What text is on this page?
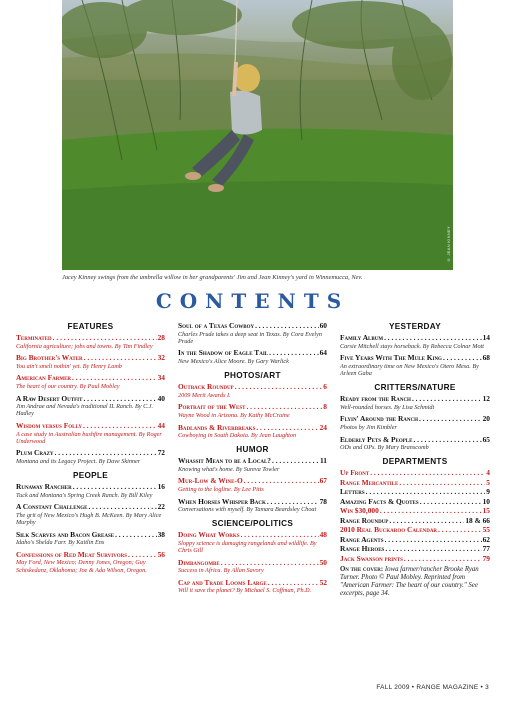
© JEAN KINNEY
Jacey Kinney swings from the umbrella willow in her grandparents' Jim and Jean Kinney's yard in Winnemucca, Nev.
CONTENTS
FEATURES
Terminated . . .	28
California agriculture; jobs and towns. By Tim Findley
Big Brother's Water . . .	32
You ain't smelt nothin' yet. By Henry Lamb
American Farmer . . .	34
The heart of our country. By Paul Mobley
A Raw Desert Outfit . . .	40
Jim Andrae and Nevada's traditional IL Ranch. By C.J. Hadley
Wisdom versus Folly . . .	44
A case study in Australian bushfire management. By Roger Underwood
Plum Crazy . . .	72
Montana and its Legacy Project. By Dave Skinner
PEOPLE
Runaway Rancher . . .	16
Tuck and Montana's Spring Creek Ranch. By Bill Kiley
A Constant Challenge . . .	22
The grit of New Mexico's Hugh B. McKeen. By Mary Alice Murphy
Silk Scarves and Bacon Grease . . .	38
Idaho's Shelda Farr. By Kaitlin Ens
Confessions of Red Meat Survivors . . .	56
May Ford, New Mexico; Denny Jones, Oregon; Guy Schiskedanz, Oklahoma; Joe & Ada Wilson, Oregon.
Soul of a Texas Cowboy . . .	60
Charles Prude takes a deep seat in Texas. By Cora Evelyn Prude
In the Shadow of Eagle Tail . . .	64
New Mexico's Alice Moore. By Gary Warlick
PHOTOS/ART
Outback Roundup . . .	6
2009 Merit Awards I.
Portrait of the West . . .	8
Wayne Wood in Arizona. By Kathy McCraine
Badlands & Riverbreaks . . .	24
Cowboying in South Dakota. By Jean Laughton
HUMOR
Whassit Mean to be a Local? . . .	11
Knowing what's home. By Sureva Towler
Mur-Low & Wine-O . . .	67
Getting to the logline. By Lee Pitts
When Horses Whisper Back . . .	78
Conversations with myself. By Tamara Beardsley Choat
SCIENCE/POLITICS
Doing What Works . . .	48
Sloppy science is damaging rangelands and wildlife. By Chris Gill
Dimbangombe . . .	50
Success in Africa. By Allan Savory
Cap and Trade Looms Large . . .	52
Will it save the planet? By Michael S. Coffman, Ph.D.
YESTERDAY
Family Album . . .	14
Carsie Mitchell stays horseback. By Rebecca Colnar Mott
Five Years With The Mule King . . .	68
An extraordinary time on New Mexico's Otero Mesa. By Arleen Gaba
CRITTERS/NATURE
Ready from the Ranch . . .	12
Well-rounded horses. By Lisa Schmidt
Flyin' Around the Ranch . . .	20
Photos by Jim Kimbler
Elderly Pets & People . . .	65
ODs and OPs. By Mary Branscomb
DEPARTMENTS
Up Front . . .	4
Range Mercantile . . .	5
Letters . . .	9
Amazing Facts & Quotes . . .	10
Win $30,000 . . .	15
Range Roundup . . .	18 & 66
2010 Real Buckaroo Calendar . . .	55
Range Agents . . .	62
Range Heroes . . .	77
Jack Swanson prints . . .	79
On the cover: Iowa farmer/rancher Brooke Ryan Turner. Photo © Paul Mobley. Reprinted from "American Farmer: The heart of our country." See excerpts, page 34.
FALL 2009 • RANGE MAGAZINE • 3
